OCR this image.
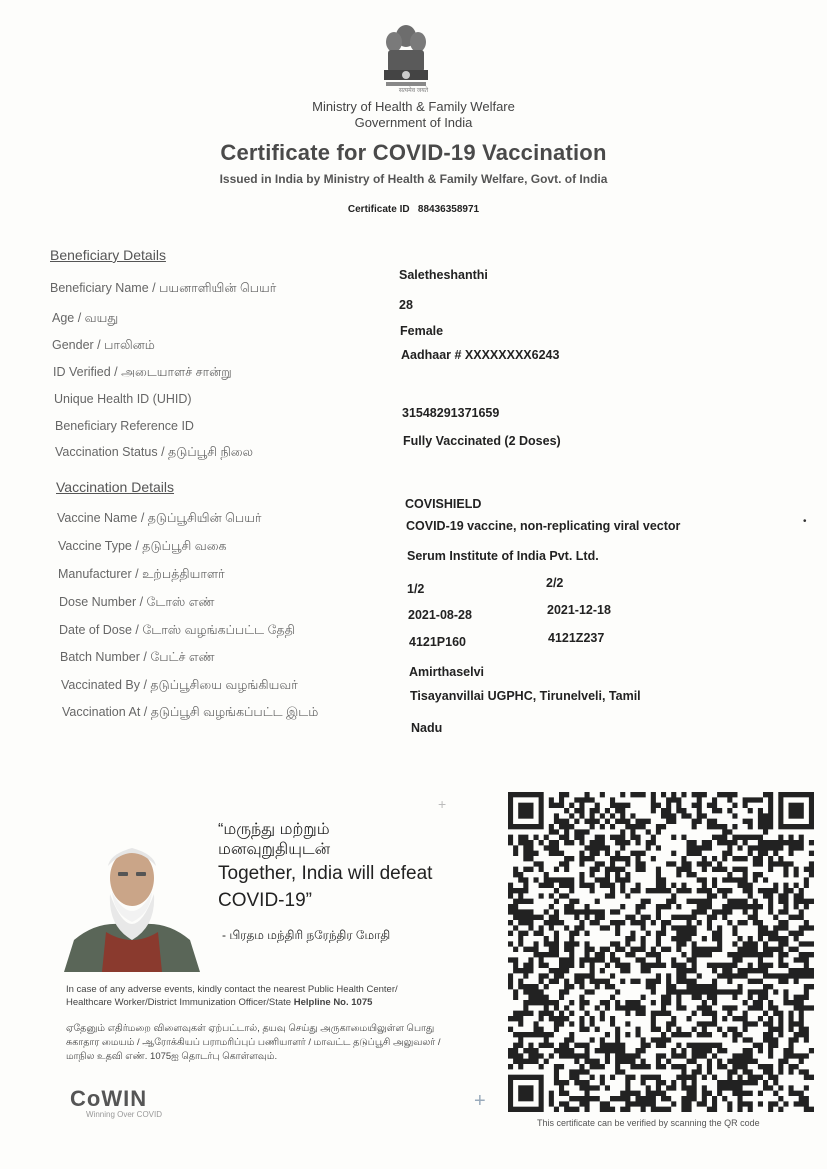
सत्यमेव जयते
Ministry of Health & Family Welfare
Government of India
Certificate for COVID-19 Vaccination
Issued in India by Ministry of Health & Family Welfare, Govt. of India
Certificate ID 88436358971
Beneficiary Details
Beneficiary Name / பயனாளியின் பெயர்
Saletheshanthi
Age / வயது
28
Gender / பாலினம்
Female
ID Verified / அடையாளச் சான்று
Aadhaar # XXXXXXXX6243
Unique Health ID (UHID)
Beneficiary Reference ID
31548291371659
Vaccination Status / தடுப்பூசி நிலை
Fully Vaccinated (2 Doses)
Vaccination Details
Vaccine Name / தடுப்பூசியின் பெயர்
COVISHIELD
Vaccine Type / தடுப்பூசி வகை
COVID-19 vaccine, non-replicating viral vector
Manufacturer / உற்பத்தியாளர்
Serum Institute of India Pvt. Ltd.
Dose Number / டோஸ் எண்
1/2	2/2
Date of Dose / டோஸ் வழங்கப்பட்ட தேதி
2021-08-28	2021-12-18
Batch Number / பேட்ச் எண்
4121P160	4121Z237
Vaccinated By / தடுப்பூசியை வழங்கியவர்
Amirthaselvi
Vaccination At / தடுப்பூசி வழங்கப்பட்ட இடம்
Tisayanvillai UGPHC, Tirunelveli, Tamil
Nadu
•
“மருந்து மற்றும்
மனவுறுதியுடன்
Together, India will defeat
COVID-19”
- பிரதம மந்திரி நரேந்திர மோதி
+
In case of any adverse events, kindly contact the nearest Public Health Center/
Healthcare Worker/District Immunization Officer/State Helpline No. 1075
ஏதேனும் எதிர்மறை விளைவுகள் ஏற்பட்டால், தயவு செய்து அருகாமையிலுள்ள பொது
சுகாதார மையம் / ஆரோக்கியப் பராமரிப்புப் பணியாளர் / மாவட்ட தடுப்பூசி அலுவலர் /
மாநில உதவி எண். 1075ஐ தொடர்பு கொள்ளவும்.
CoWIN
Winning Over COVID
+
This certificate can be verified by scanning the QR code
